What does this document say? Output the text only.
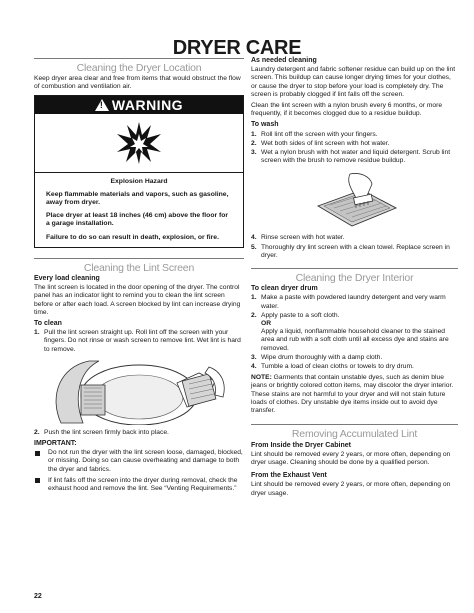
DRYER CARE
Cleaning the Dryer Location

Keep dryer area clear and free from items that would obstruct the flow of combustion and ventilation air.

! WARNING
Explosion Hazard

Keep flammable materials and vapors, such as gasoline, away from dryer.

Place dryer at least 18 inches (46 cm) above the floor for a garage installation.

Failure to do so can result in death, explosion, or fire.

Cleaning the Lint Screen
Every load cleaning

The lint screen is located in the door opening of the dryer. The control panel has an indicator light to remind you to clean the lint screen before or after each load. A screen blocked by lint can increase drying time.

To clean
1. Pull the lint screen straight up. Roll lint off the screen with your fingers. Do not rinse or wash screen to remove lint. Wet lint is hard to remove.
2. Push the lint screen firmly back into place.
IMPORTANT:
Do not run the dryer with the lint screen loose, damaged, blocked, or missing. Doing so can cause overheating and damage to both the dryer and fabrics.
If lint falls off the screen into the dryer during removal, check the exhaust hood and remove the lint. See “Venting Requirements.”
As needed cleaning

Laundry detergent and fabric softener residue can build up on the lint screen. This buildup can cause longer drying times for your clothes, or cause the dryer to stop before your load is completely dry. The screen is probably clogged if lint falls off the screen.

Clean the lint screen with a nylon brush every 6 months, or more frequently, if it becomes clogged due to a residue buildup.

To wash
1. Roll lint off the screen with your fingers.
2. Wet both sides of lint screen with hot water.
3. Wet a nylon brush with hot water and liquid detergent. Scrub lint screen with the brush to remove residue buildup.
4. Rinse screen with hot water.
5. Thoroughly dry lint screen with a clean towel. Replace screen in dryer.
Cleaning the Dryer Interior
To clean dryer drum
1. Make a paste with powdered laundry detergent and very warm water.
2. Apply paste to a soft cloth.
OR
Apply a liquid, nonflammable household cleaner to the stained area and rub with a soft cloth until all excess dye and stains are removed.
3. Wipe drum thoroughly with a damp cloth.
4. Tumble a load of clean cloths or towels to dry drum.

NOTE: Garments that contain unstable dyes, such as denim blue jeans or brightly colored cotton items, may discolor the dryer interior. These stains are not harmful to your dryer and will not stain future loads of clothes. Dry unstable dye items inside out to avoid dye transfer.

Removing Accumulated Lint
From Inside the Dryer Cabinet

Lint should be removed every 2 years, or more often, depending on dryer usage. Cleaning should be done by a qualified person.

From the Exhaust Vent

Lint should be removed every 2 years, or more often, depending on dryer usage.

22
